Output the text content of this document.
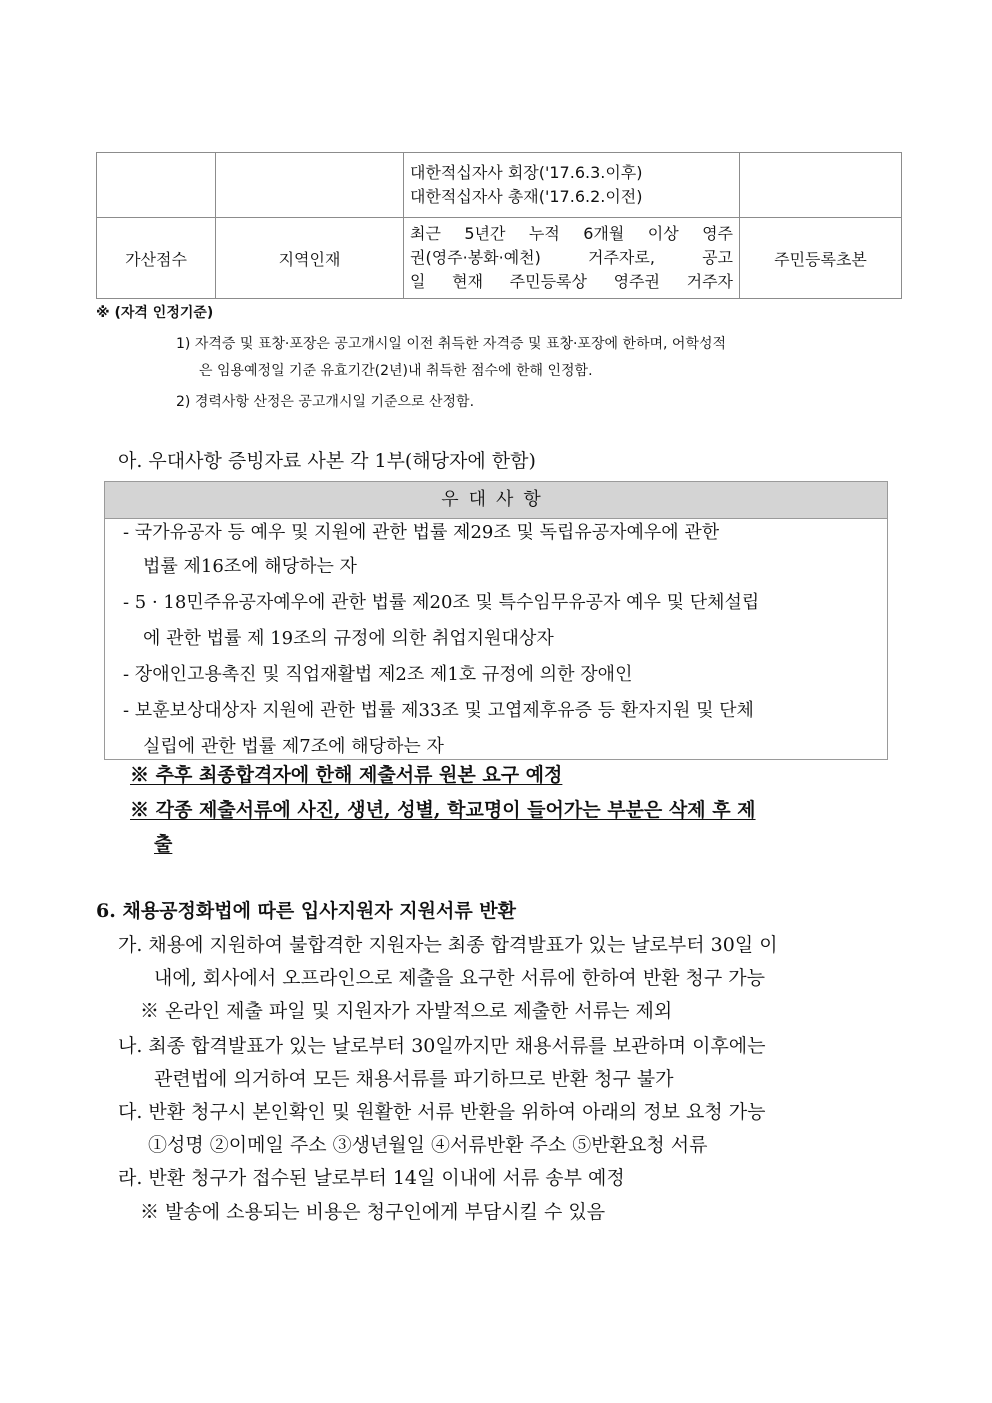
		대한적십자사 회장('17.6.3.이후)
대한적십자사 총재('17.6.2.이전)	

가산점수	지역인재	최근 5년간 누적 6개월 이상 영주
권(영주·봉화·예천) 거주자로, 공고
일 현재 주민등록상 영주권 거주자	주민등록초본
※ (자격 인정기준)
1) 자격증 및 표창·포장은 공고개시일 이전 취득한 자격증 및 표창·포장에 한하며, 어학성적
은 임용예정일 기준 유효기간(2년)내 취득한 점수에 한해 인정함.
2) 경력사항 산정은 공고개시일 기준으로 산정함.
아. 우대사항 증빙자료 사본 각 1부(해당자에 한함)
우대사항
- 국가유공자 등 예우 및 지원에 관한 법률 제29조 및 독립유공자예우에 관한
법률 제16조에 해당하는 자
- 5 · 18민주유공자예우에 관한 법률 제20조 및 특수임무유공자 예우 및 단체설립
에 관한 법률 제 19조의 규정에 의한 취업지원대상자
- 장애인고용촉진 및 직업재활법 제2조 제1호 규정에 의한 장애인
- 보훈보상대상자 지원에 관한 법률 제33조 및 고엽제후유증 등 환자지원 및 단체
실립에 관한 법률 제7조에 해당하는 자
※ 추후 최종합격자에 한해 제출서류 원본 요구 예정
※ 각종 제출서류에 사진, 생년, 성별, 학교명이 들어가는 부분은 삭제 후 제
출
6. 채용공정화법에 따른 입사지원자 지원서류 반환
가. 채용에 지원하여 불합격한 지원자는 최종 합격발표가 있는 날로부터 30일 이
내에, 회사에서 오프라인으로 제출을 요구한 서류에 한하여 반환 청구 가능
※ 온라인 제출 파일 및 지원자가 자발적으로 제출한 서류는 제외
나. 최종 합격발표가 있는 날로부터 30일까지만 채용서류를 보관하며 이후에는
관련법에 의거하여 모든 채용서류를 파기하므로 반환 청구 불가
다. 반환 청구시 본인확인 및 원활한 서류 반환을 위하여 아래의 정보 요청 가능
①성명 ②이메일 주소 ③생년월일 ④서류반환 주소 ⑤반환요청 서류
라. 반환 청구가 접수된 날로부터 14일 이내에 서류 송부 예정
※ 발송에 소용되는 비용은 청구인에게 부담시킬 수 있음
